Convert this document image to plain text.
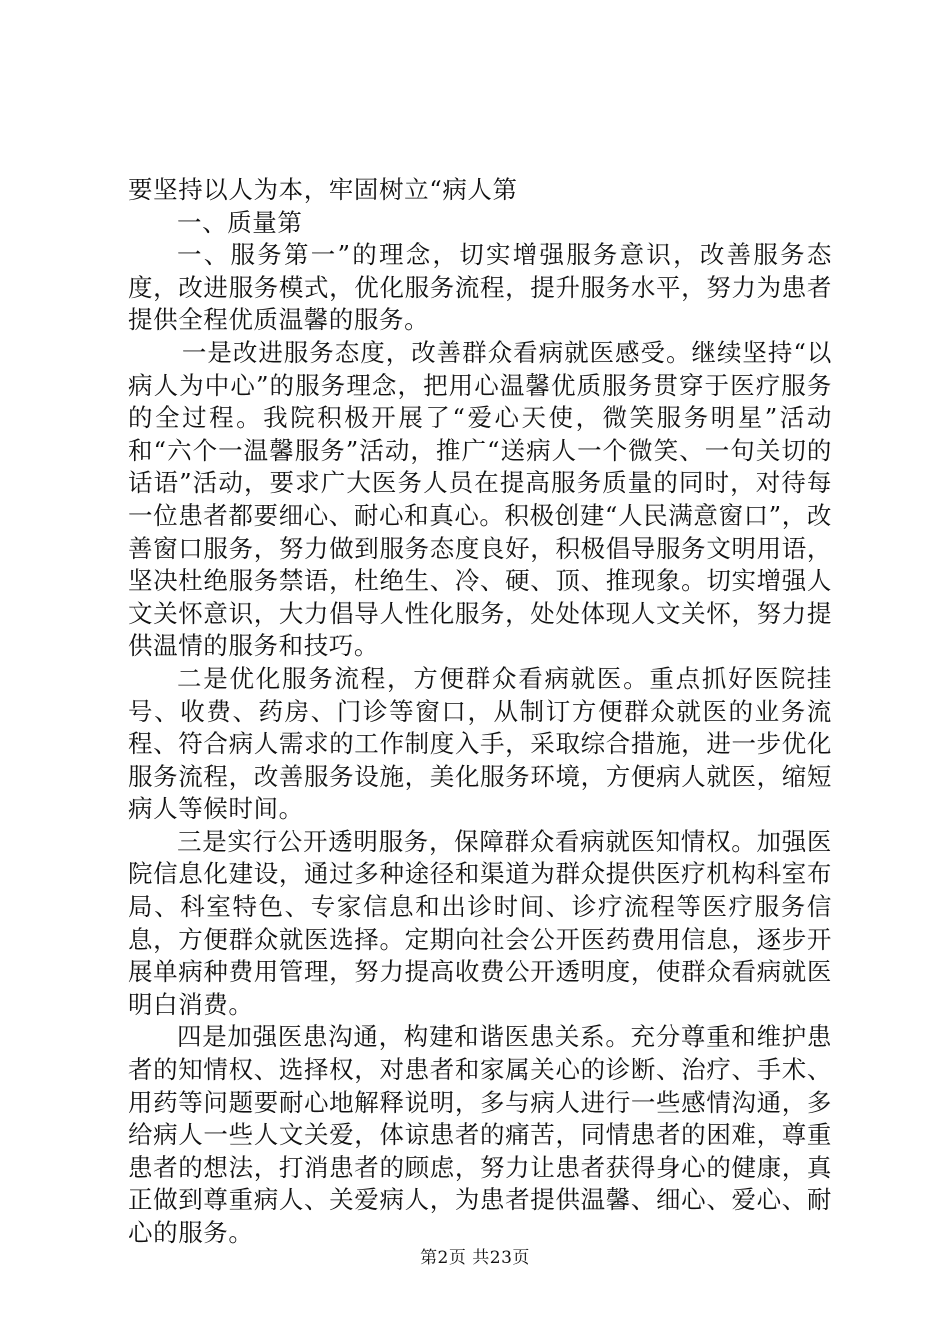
要坚持以人为本，牢固树立“病人第

一、质量第

一、服务第一”的理念，切实增强服务意识，改善服务态度，改进服务模式，优化服务流程，提升服务水平，努力为患者提供全程优质温馨的服务。

一是改进服务态度，改善群众看病就医感受。继续坚持“以病人为中心”的服务理念，把用心温馨优质服务贯穿于医疗服务的全过程。我院积极开展了“爱心天使，微笑服务明星”活动和“六个一温馨服务”活动，推广“送病人一个微笑、一句关切的话语”活动，要求广大医务人员在提高服务质量的同时，对待每一位患者都要细心、耐心和真心。积极创建“人民满意窗口”，改善窗口服务，努力做到服务态度良好，积极倡导服务文明用语，坚决杜绝服务禁语，杜绝生、冷、硬、顶、推现象。切实增强人文关怀意识，大力倡导人性化服务，处处体现人文关怀，努力提供温情的服务和技巧。

二是优化服务流程，方便群众看病就医。重点抓好医院挂号、收费、药房、门诊等窗口，从制订方便群众就医的业务流程、符合病人需求的工作制度入手，采取综合措施，进一步优化服务流程，改善服务设施，美化服务环境，方便病人就医，缩短病人等候时间。

三是实行公开透明服务，保障群众看病就医知情权。加强医院信息化建设，通过多种途径和渠道为群众提供医疗机构科室布局、科室特色、专家信息和出诊时间、诊疗流程等医疗服务信息，方便群众就医选择。定期向社会公开医药费用信息，逐步开展单病种费用管理，努力提高收费公开透明度，使群众看病就医明白消费。

四是加强医患沟通，构建和谐医患关系。充分尊重和维护患者的知情权、选择权，对患者和家属关心的诊断、治疗、手术、用药等问题要耐心地解释说明，多与病人进行一些感情沟通，多给病人一些人文关爱，体谅患者的痛苦，同情患者的困难，尊重患者的想法，打消患者的顾虑，努力让患者获得身心的健康，真正做到尊重病人、关爱病人，为患者提供温馨、细心、爱心、耐心的服务。

第2页 共23页
